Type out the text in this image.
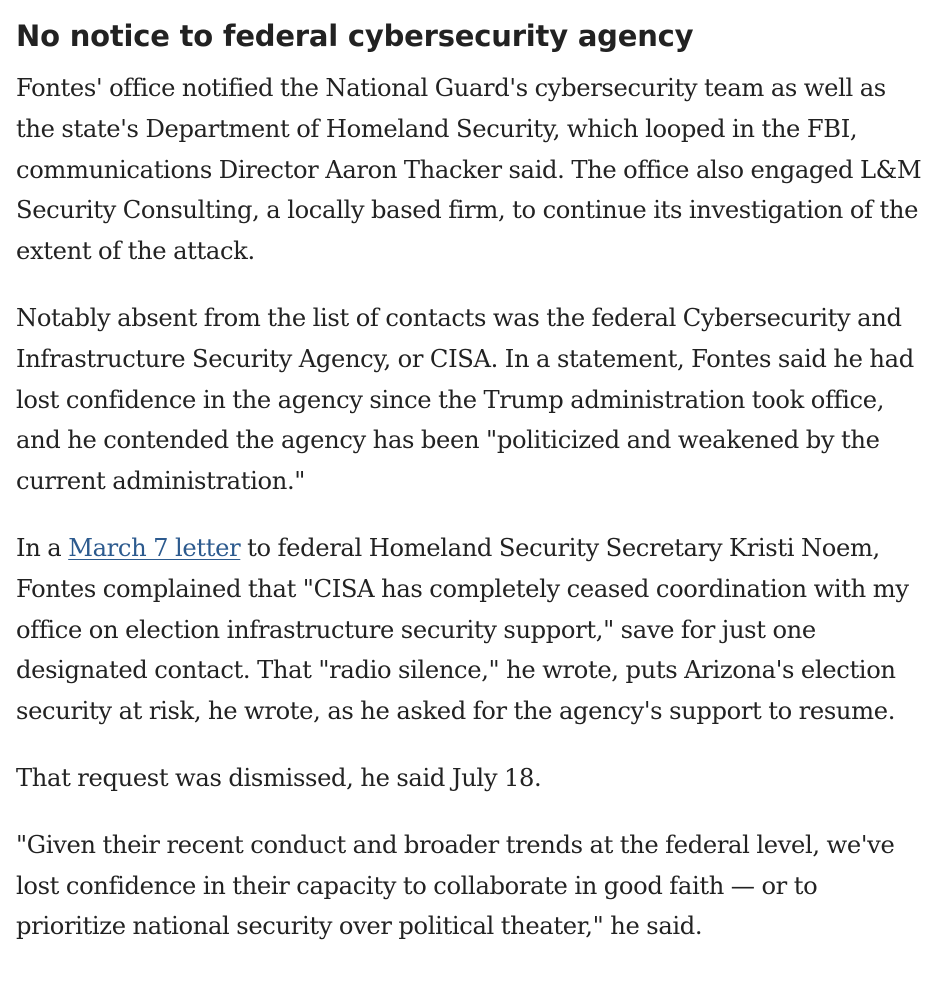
No notice to federal cybersecurity agency

Fontes' office notified the National Guard's cybersecurity team as well as the state's Department of Homeland Security, which looped in the FBI, communications Director Aaron Thacker said. The office also engaged L&M Security Consulting, a locally based firm, to continue its investigation of the extent of the attack.

Notably absent from the list of contacts was the federal Cybersecurity and Infrastructure Security Agency, or CISA. In a statement, Fontes said he had lost confidence in the agency since the Trump administration took office, and he contended the agency has been "politicized and weakened by the current administration."

In a March 7 letter to federal Homeland Security Secretary Kristi Noem, Fontes complained that "CISA has completely ceased coordination with my office on election infrastructure security support," save for just one designated contact. That "radio silence," he wrote, puts Arizona's election security at risk, he wrote, as he asked for the agency's support to resume.

That request was dismissed, he said July 18.

"Given their recent conduct and broader trends at the federal level, we've lost confidence in their capacity to collaborate in good faith — or to prioritize national security over political theater," he said.
